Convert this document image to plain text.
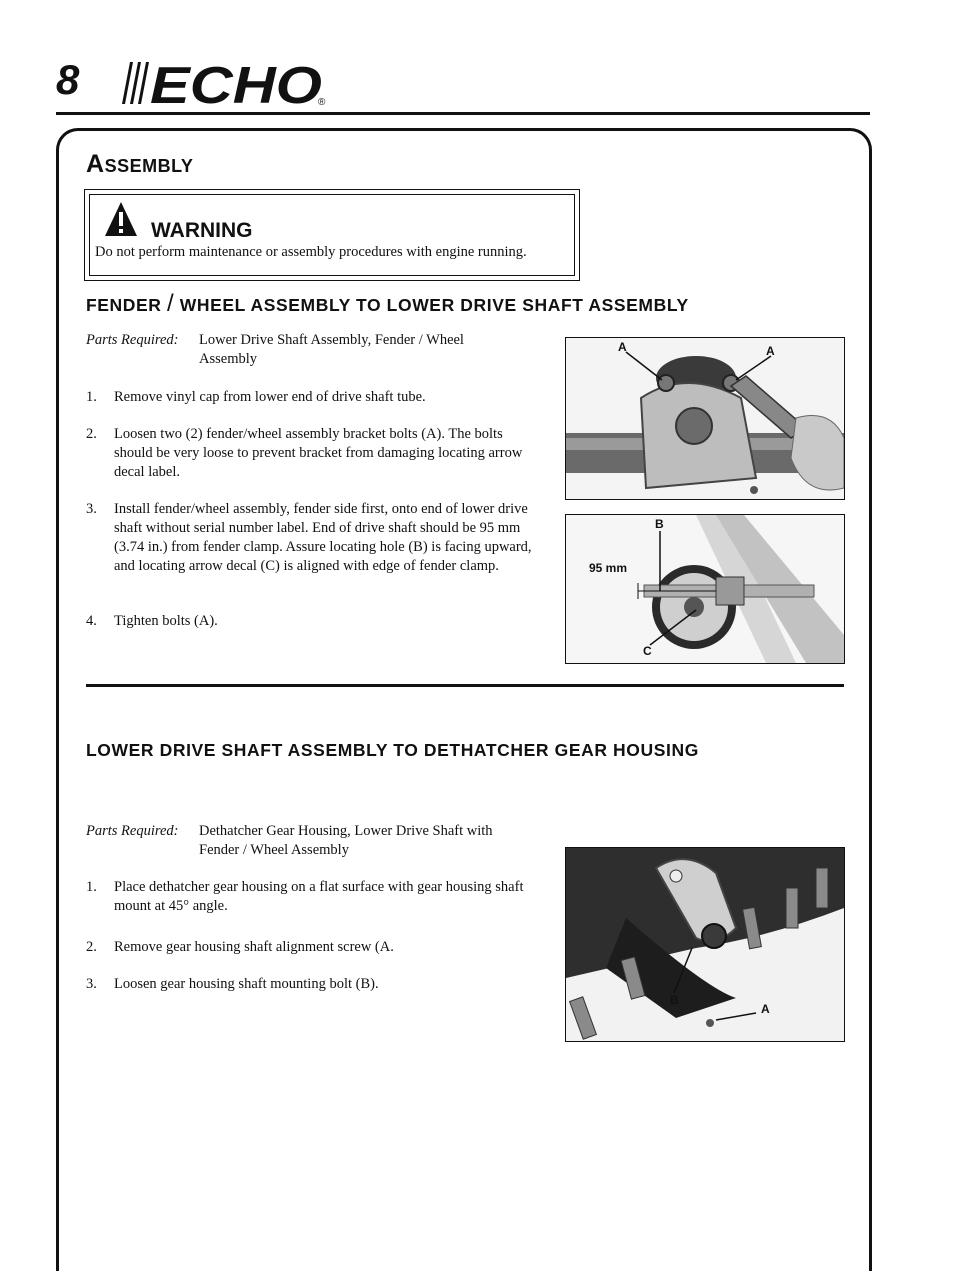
8 ECHO
®
ASSEMBLY
WARNING
Do not perform maintenance or assembly procedures with engine running.
FENDER / WHEEL ASSEMBLY TO LOWER DRIVE SHAFT ASSEMBLY
Parts Required: Lower Drive Shaft Assembly, Fender / Wheel Assembly
1. Remove vinyl cap from lower end of drive shaft tube.
2. Loosen two (2) fender/wheel assembly bracket bolts (A). The bolts should be very loose to prevent bracket from damaging locating arrow decal label.
3. Install fender/wheel assembly, fender side first, onto end of lower drive shaft without serial number label. End of drive shaft should be 95 mm (3.74 in.) from fender clamp. Assure locating hole (B) is facing upward, and locating arrow decal (C) is aligned with edge of fender clamp.
4. Tighten bolts (A).
A	A
B
95 mm
C
LOWER DRIVE SHAFT ASSEMBLY TO DETHATCHER GEAR HOUSING
Parts Required: Dethatcher Gear Housing, Lower Drive Shaft with Fender / Wheel Assembly
1. Place dethatcher gear housing on a flat surface with gear housing shaft mount at 45° angle.
2. Remove gear housing shaft alignment screw (A.
3. Loosen gear housing shaft mounting bolt (B).
B
A
